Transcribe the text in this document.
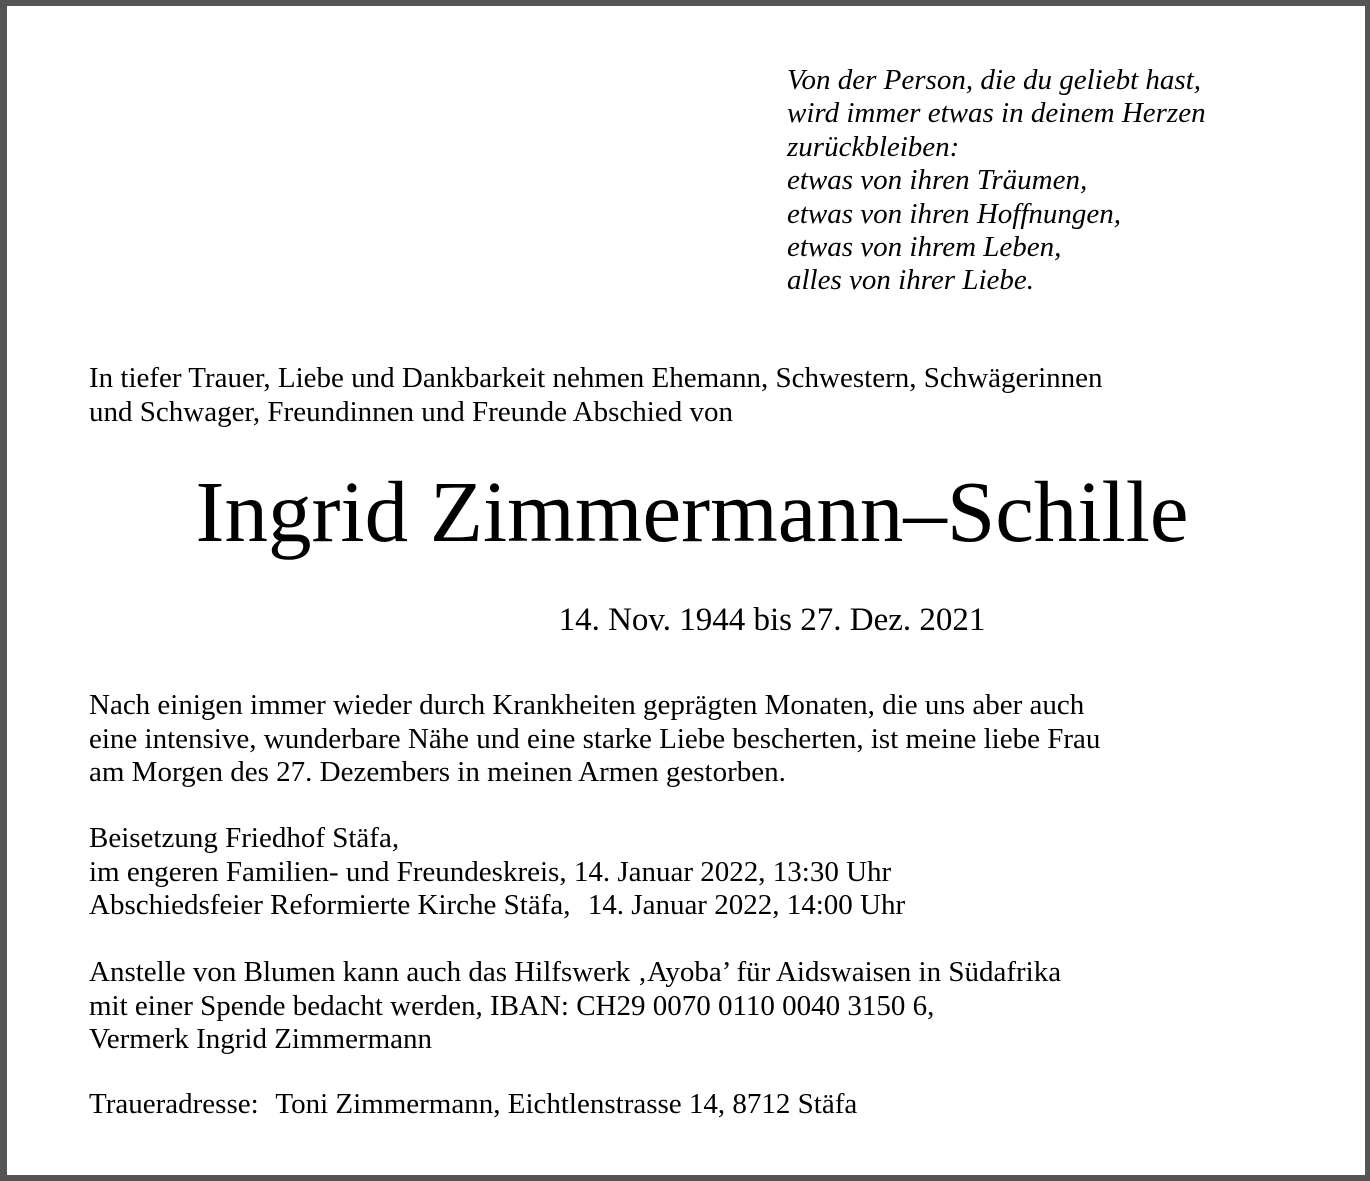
Von der Person, die du geliebt hast,
wird immer etwas in deinem Herzen
zurückbleiben:
etwas von ihren Träumen,
etwas von ihren Hoffnungen,
etwas von ihrem Leben,
alles von ihrer Liebe.
In tiefer Trauer, Liebe und Dankbarkeit nehmen Ehemann, Schwestern, Schwägerinnen
und Schwager, Freundinnen und Freunde Abschied von
Ingrid Zimmermann–Schille
14. Nov. 1944 bis 27. Dez. 2021
Nach einigen immer wieder durch Krankheiten geprägten Monaten, die uns aber auch
eine intensive, wunderbare Nähe und eine starke Liebe bescherten, ist meine liebe Frau
am Morgen des 27. Dezembers in meinen Armen gestorben.
Beisetzung Friedhof Stäfa,
im engeren Familien- und Freundeskreis, 14. Januar 2022, 13:30 Uhr
Abschiedsfeier Reformierte Kirche Stäfa, 14. Januar 2022, 14:00 Uhr
Anstelle von Blumen kann auch das Hilfswerk ‚Ayoba’ für Aidswaisen in Südafrika
mit einer Spende bedacht werden, IBAN: CH29 0070 0110 0040 3150 6,
Vermerk Ingrid Zimmermann
Traueradresse: Toni Zimmermann, Eichtlenstrasse 14, 8712 Stäfa
